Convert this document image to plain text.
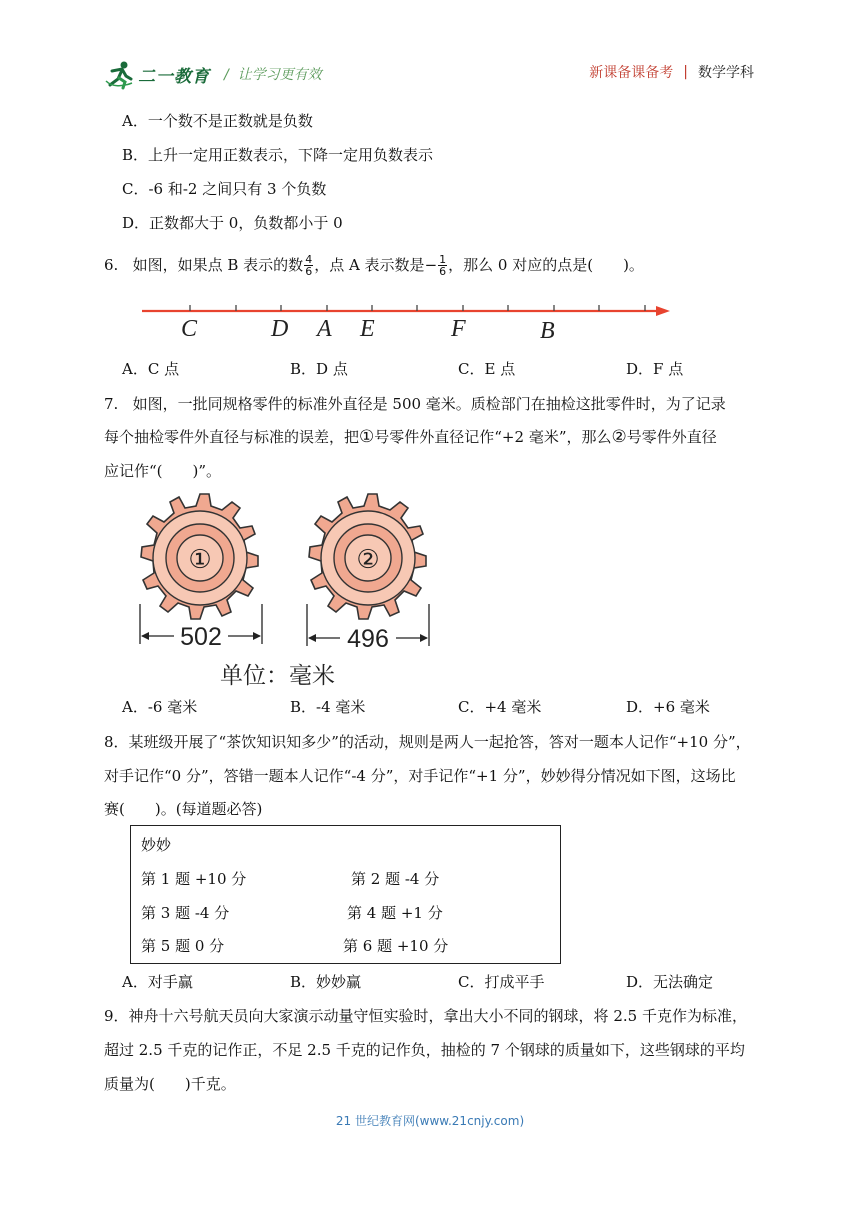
二一教育 /  让学习更有效	新课备课备考 | 数学学科
A．一个数不是正数就是负数
B．上升一定用正数表示，下降一定用负数表示
C．-6 和-2 之间只有 3 个负数
D．正数都大于 0，负数都小于 0
6.
如图，如果点 B 表示的数 $\frac{4}{6}$ ，点 A 表示数是 − $\frac{1}{6}$ ，那么 0 对应的点是(　　)。
C	D A E	F	B
A．C 点	B．D 点	C．E 点	D．F 点
7. 如图，一批同规格零件的标准外直径是 500 毫米。质检部门在抽检这批零件时，为了记录
每个抽检零件外直径与标准的误差，把①号零件外直径记作“+2 毫米”，那么②号零件外直径
应记作“(　　)”。
①	②
502	496
单位：毫米
A．-6 毫米	B．-4 毫米	C．+4 毫米	D．+6 毫米
8．某班级开展了“茶饮知识知多少”的活动，规则是两人一起抢答，答对一题本人记作“+10 分”，
对手记作“0 分”，答错一题本人记作“-4 分”，对手记作“+1 分”，妙妙得分情况如下图，这场比
赛(　　)。(每道题必答)
妙妙
第 1 题 +10 分	第 2 题 -4 分
第 3 题 -4 分	第 4 题 +1 分
第 5 题 0 分	第 6 题 +10 分
A．对手赢	B．妙妙赢	C．打成平手	D．无法确定
9．神舟十六号航天员向大家演示动量守恒实验时，拿出大小不同的钢球，将 2.5 千克作为标准，
超过 2.5 千克的记作正，不足 2.5 千克的记作负，抽检的 7 个钢球的质量如下，这些钢球的平均
质量为(　　)千克。
21 世纪教育网(www.21cnjy.com)
